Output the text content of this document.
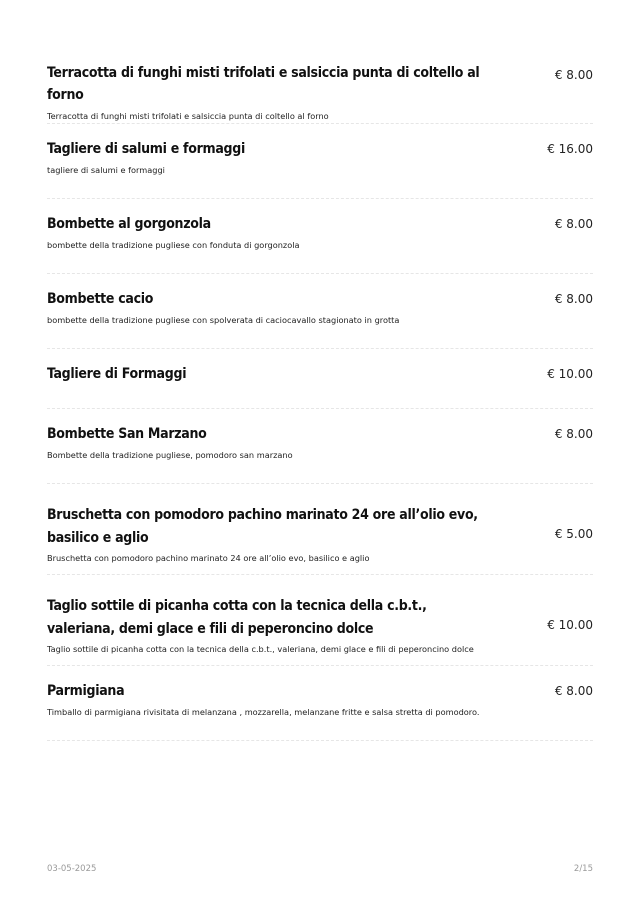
Terracotta di funghi misti trifolati e salsiccia punta di coltello al forno
Terracotta di funghi misti trifolati e salsiccia punta di coltello al forno
€ 8.00
Tagliere di salumi e formaggi
tagliere di salumi e formaggi
€ 16.00
Bombette al gorgonzola
bombette della tradizione pugliese con fonduta di gorgonzola
€ 8.00
Bombette cacio
bombette della tradizione pugliese con spolverata di caciocavallo stagionato in grotta
€ 8.00
Tagliere di Formaggi	€ 10.00
Bombette San Marzano
Bombette della tradizione pugliese, pomodoro san marzano
€ 8.00
Bruschetta con pomodoro pachino marinato 24 ore all’olio evo, basilico e aglio
Bruschetta con pomodoro pachino marinato 24 ore all’olio evo, basilico e aglio
€ 5.00
Taglio sottile di picanha cotta con la tecnica della c.b.t., valeriana, demi glace e fili di peperoncino dolce
Taglio sottile di picanha cotta con la tecnica della c.b.t., valeriana, demi glace e fili di peperoncino dolce
€ 10.00
Parmigiana
Timballo di parmigiana rivisitata di melanzana , mozzarella, melanzane fritte e salsa stretta di pomodoro.
€ 8.00
03-05-2025	2/15
